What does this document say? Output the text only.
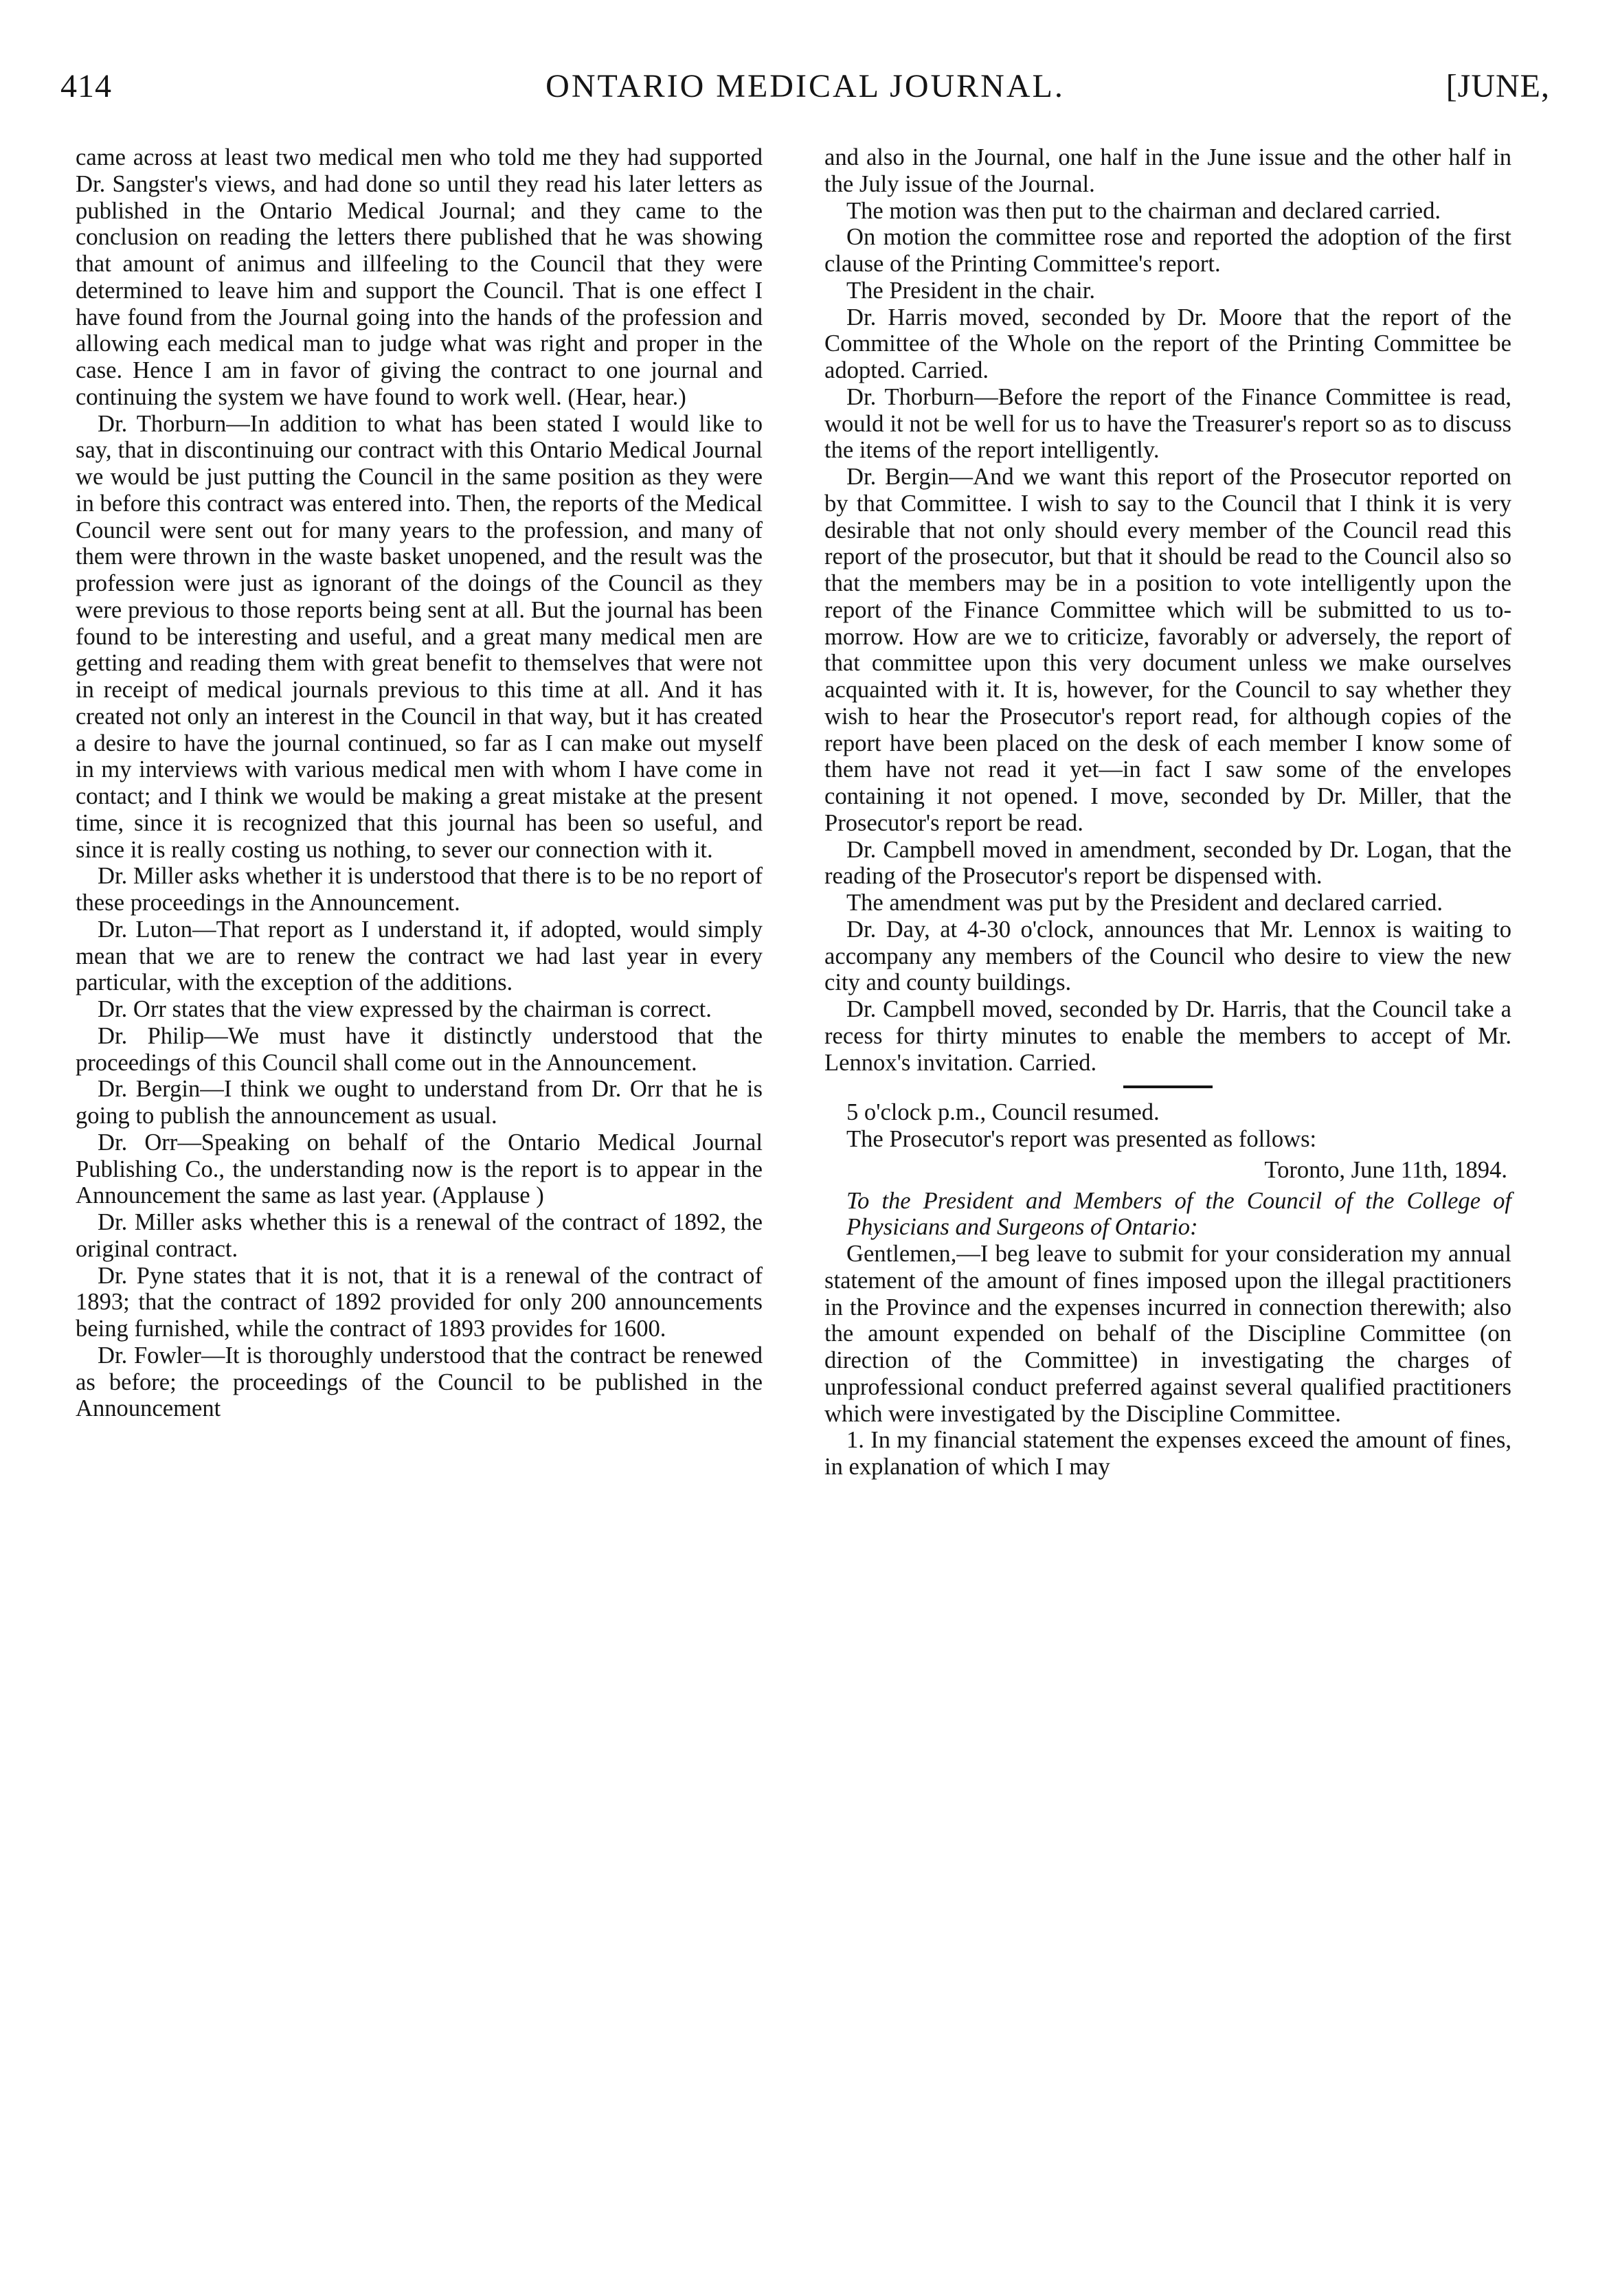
414	ONTARIO MEDICAL JOURNAL.	[JUNE,

came across at least two medical men who told me they had supported Dr. Sangster's views, and had done so until they read his later letters as published in the Ontario Medical Journal; and they came to the conclusion on reading the letters there published that he was showing that amount of animus and illfeeling to the Council that they were determined to leave him and support the Council. That is one effect I have found from the Journal going into the hands of the profession and allowing each medical man to judge what was right and proper in the case. Hence I am in favor of giving the contract to one journal and continuing the system we have found to work well. (Hear, hear.)

Dr. Thorburn—In addition to what has been stated I would like to say, that in discontinuing our contract with this Ontario Medical Journal we would be just putting the Council in the same position as they were in before this contract was entered into. Then, the reports of the Medical Council were sent out for many years to the profession, and many of them were thrown in the waste basket unopened, and the result was the profession were just as ignorant of the doings of the Council as they were previous to those reports being sent at all. But the journal has been found to be interesting and useful, and a great many medical men are getting and reading them with great benefit to themselves that were not in receipt of medical journals previous to this time at all. And it has created not only an interest in the Council in that way, but it has created a desire to have the journal continued, so far as I can make out myself in my interviews with various medical men with whom I have come in contact; and I think we would be making a great mistake at the present time, since it is recognized that this journal has been so useful, and since it is really costing us nothing, to sever our connection with it.

Dr. Miller asks whether it is understood that there is to be no report of these proceedings in the Announcement.

Dr. Luton—That report as I understand it, if adopted, would simply mean that we are to renew the contract we had last year in every particular, with the exception of the additions.

Dr. Orr states that the view expressed by the chairman is correct.

Dr. Philip—We must have it distinctly understood that the proceedings of this Council shall come out in the Announcement.

Dr. Bergin—I think we ought to understand from Dr. Orr that he is going to publish the announcement as usual.

Dr. Orr—Speaking on behalf of the Ontario Medical Journal Publishing Co., the understanding now is the report is to appear in the Announcement the same as last year. (Applause )

Dr. Miller asks whether this is a renewal of the contract of 1892, the original contract.

Dr. Pyne states that it is not, that it is a renewal of the contract of 1893; that the contract of 1892 provided for only 200 announcements being furnished, while the contract of 1893 provides for 1600.

Dr. Fowler—It is thoroughly understood that the contract be renewed as before; the proceedings of the Council to be published in the Announcement

and also in the Journal, one half in the June issue and the other half in the July issue of the Journal.

The motion was then put to the chairman and declared carried.

On motion the committee rose and reported the adoption of the first clause of the Printing Committee's report.

The President in the chair.

Dr. Harris moved, seconded by Dr. Moore that the report of the Committee of the Whole on the report of the Printing Committee be adopted. Carried.

Dr. Thorburn—Before the report of the Finance Committee is read, would it not be well for us to have the Treasurer's report so as to discuss the items of the report intelligently.

Dr. Bergin—And we want this report of the Prosecutor reported on by that Committee. I wish to say to the Council that I think it is very desirable that not only should every member of the Council read this report of the prosecutor, but that it should be read to the Council also so that the members may be in a position to vote intelligently upon the report of the Finance Committee which will be submitted to us to-morrow. How are we to criticize, favorably or adversely, the report of that committee upon this very document unless we make ourselves acquainted with it. It is, however, for the Council to say whether they wish to hear the Prosecutor's report read, for although copies of the report have been placed on the desk of each member I know some of them have not read it yet—in fact I saw some of the envelopes containing it not opened. I move, seconded by Dr. Miller, that the Prosecutor's report be read.

Dr. Campbell moved in amendment, seconded by Dr. Logan, that the reading of the Prosecutor's report be dispensed with.

The amendment was put by the President and declared carried.

Dr. Day, at 4-30 o'clock, announces that Mr. Lennox is waiting to accompany any members of the Council who desire to view the new city and county buildings.

Dr. Campbell moved, seconded by Dr. Harris, that the Council take a recess for thirty minutes to enable the members to accept of Mr. Lennox's invitation. Carried.

5 o'clock p.m., Council resumed.

The Prosecutor's report was presented as follows:

Toronto, June 11th, 1894.

To the President and Members of the Council of the College of Physicians and Surgeons of Ontario:

Gentlemen,—I beg leave to submit for your consideration my annual statement of the amount of fines imposed upon the illegal practitioners in the Province and the expenses incurred in connection therewith; also the amount expended on behalf of the Discipline Committee (on direction of the Committee) in investigating the charges of unprofessional conduct preferred against several qualified practitioners which were investigated by the Discipline Committee.

1. In my financial statement the expenses exceed the amount of fines, in explanation of which I may
